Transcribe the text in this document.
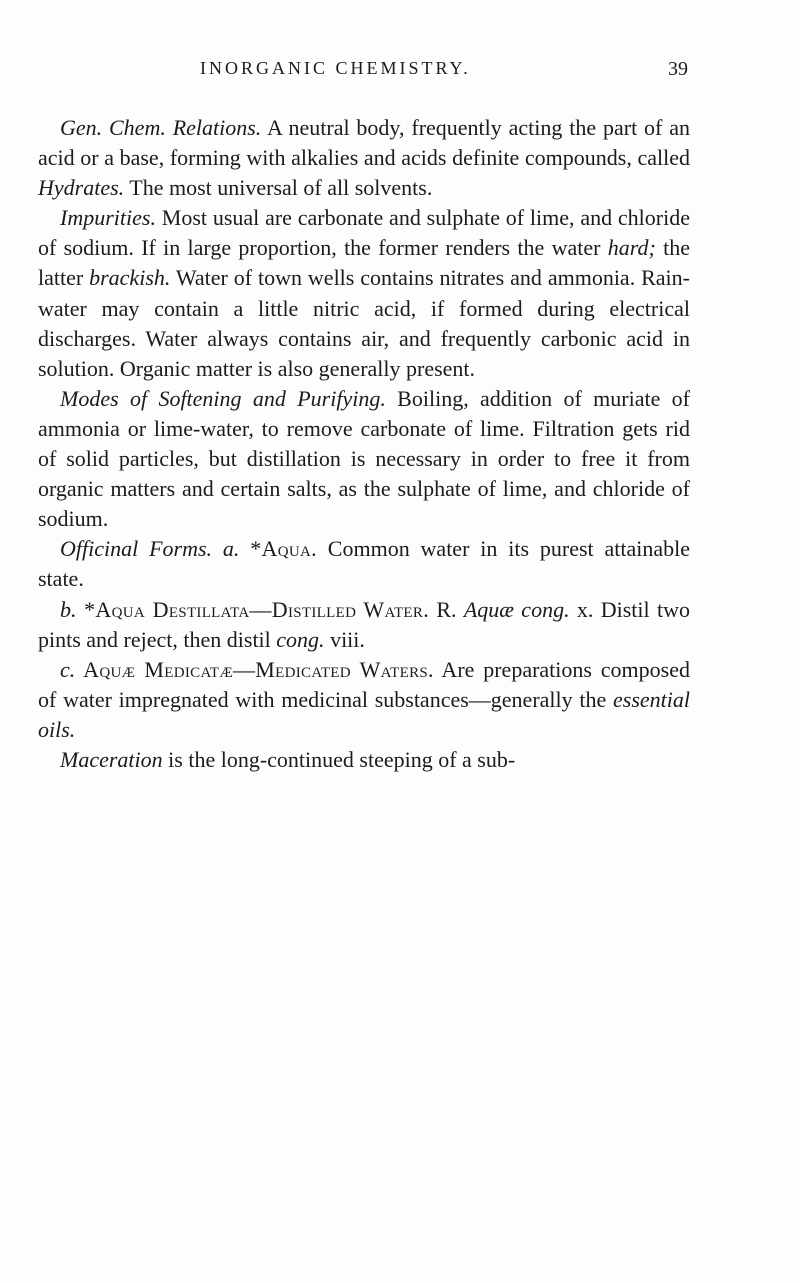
INORGANIC CHEMISTRY.	39

Gen. Chem. Relations. A neutral body, frequently acting the part of an acid or a base, forming with alkalies and acids definite compounds, called Hydrates. The most universal of all solvents.

Impurities. Most usual are carbonate and sulphate of lime, and chloride of sodium. If in large proportion, the former renders the water hard; the latter brackish. Water of town wells contains nitrates and ammonia. Rain-water may contain a little nitric acid, if formed during electrical discharges. Water always contains air, and frequently carbonic acid in solution. Organic matter is also generally present.

Modes of Softening and Purifying. Boiling, addition of muriate of ammonia or lime-water, to remove carbonate of lime. Filtration gets rid of solid particles, but distillation is necessary in order to free it from organic matters and certain salts, as the sulphate of lime, and chloride of sodium.

Officinal Forms. a. *Aqua. Common water in its purest attainable state.

b. *Aqua Destillata—Distilled Water. R. Aquæ cong. x. Distil two pints and reject, then distil cong. viii.

c. Aquæ Medicatæ—Medicated Waters. Are preparations composed of water impregnated with medicinal substances—generally the essential oils.

Maceration is the long-continued steeping of a sub-
